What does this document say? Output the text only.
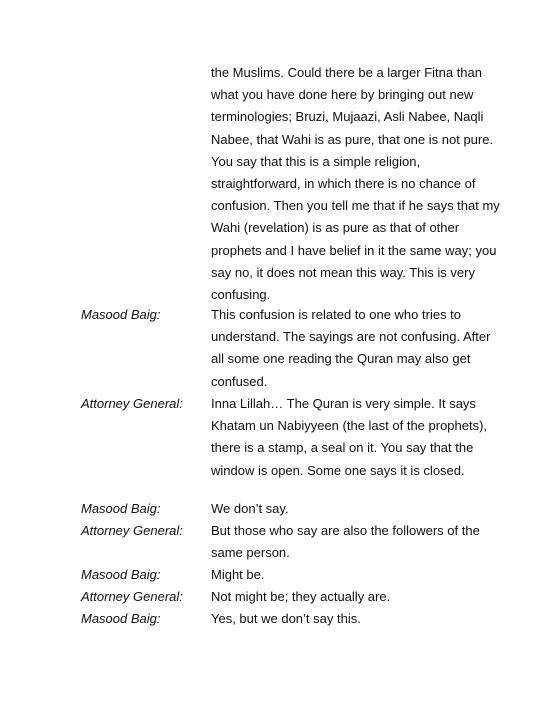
the Muslims. Could there be a larger Fitna than what you have done here by bringing out new terminologies; Bruzi, Mujaazi, Asli Nabee, Naqli Nabee, that Wahi is as pure, that one is not pure. You say that this is a simple religion, straightforward, in which there is no chance of confusion. Then you tell me that if he says that my Wahi (revelation) is as pure as that of other prophets and I have belief in it the same way; you say no, it does not mean this way. This is very confusing.
Masood Baig:	This confusion is related to one who tries to understand. The sayings are not confusing. After all some one reading the Quran may also get confused.
Attorney General:	Inna Lillah… The Quran is very simple. It says Khatam un Nabiyyeen (the last of the prophets), there is a stamp, a seal on it. You say that the window is open. Some one says it is closed.
Masood Baig:	We don’t say.
Attorney General:	But those who say are also the followers of the same person.
Masood Baig:	Might be.
Attorney General:	Not might be; they actually are.
Masood Baig:	Yes, but we don’t say this.
